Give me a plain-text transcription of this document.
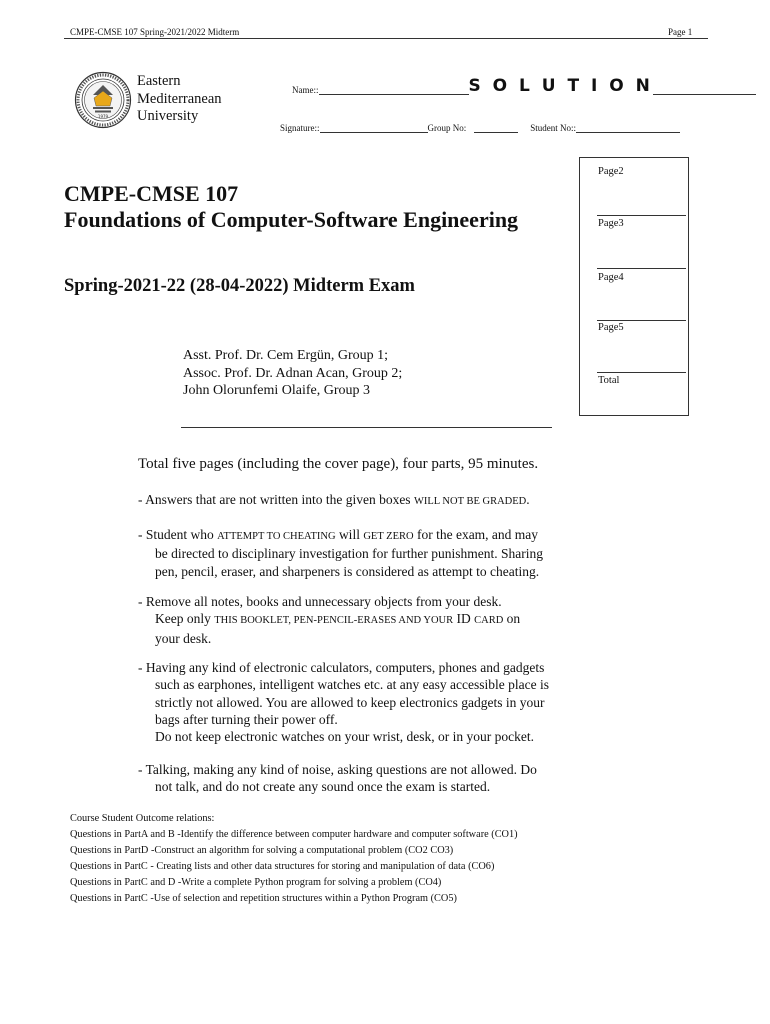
CMPE-CMSE 107 Spring-2021/2022 Midterm	Page 1
1979
Eastern
Mediterranean
University
Name::	S O L U T I O N
Signature::	Group No:	Student No::
CMPE-CMSE 107
Foundations of Computer-Software Engineering
Spring-2021-22 (28-04-2022) Midterm Exam
Asst. Prof. Dr. Cem Ergün, Group 1;
Assoc. Prof. Dr. Adnan Acan, Group 2;
John Olorunfemi Olaife, Group 3
Page2
Page3
Page4
Page5
Total
Total five pages (including the cover page), four parts, 95 minutes.
- Answers that are not written into the given boxes WILL NOT BE GRADED.
- Student who ATTEMPT TO CHEATING will GET ZERO for the exam, and may
be directed to disciplinary investigation for further punishment. Sharing
pen, pencil, eraser, and sharpeners is considered as attempt to cheating.
- Remove all notes, books and unnecessary objects from your desk.
Keep only THIS BOOKLET, PEN-PENCIL-ERASES AND YOUR ID CARD on
your desk.
- Having any kind of electronic calculators, computers, phones and gadgets
such as earphones, intelligent watches etc. at any easy accessible place is
strictly not allowed. You are allowed to keep electronics gadgets in your
bags after turning their power off.
Do not keep electronic watches on your wrist, desk, or in your pocket.
- Talking, making any kind of noise, asking questions are not allowed. Do
not talk, and do not create any sound once the exam is started.
Course Student Outcome relations:
Questions in PartA and B -Identify the difference between computer hardware and computer software (CO1)
Questions in PartD -Construct an algorithm for solving a computational problem (CO2 CO3)
Questions in PartC - Creating lists and other data structures for storing and manipulation of data (CO6)
Questions in PartC and D -Write a complete Python program for solving a problem (CO4)
Questions in PartC -Use of selection and repetition structures within a Python Program (CO5)
